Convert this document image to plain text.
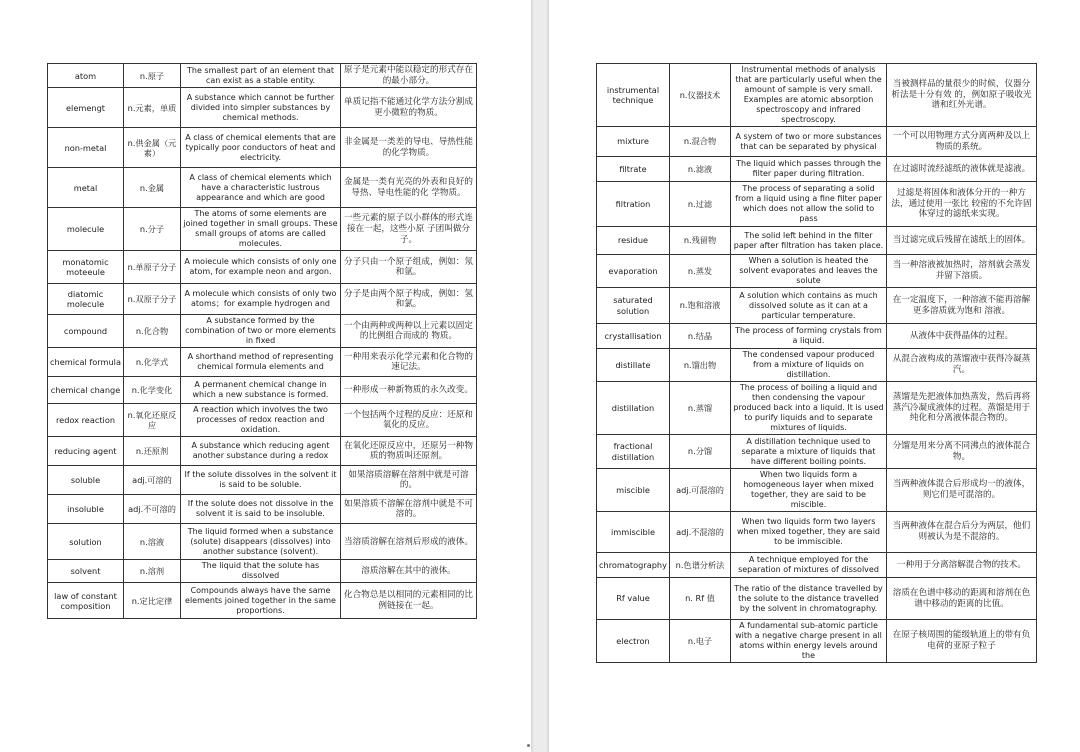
atom	n.原子	The smallest part of an element that can exist as a stable entity.	原子是元素中能以稳定的形式存在的最小部分。
elemengt	n.元素，单质	A substance which cannot be further divided into simpler substances by chemical methods.	单质记指不能通过化学方法分割成更小微粒的物质。
non-metal	n.供金属（元素）	A class of chemical elements that are typically poor conductors of heat and electricity.	非金属是一类差的导电、导热性能的化学物质。
metal	n.金属	A class of chemical elements which have a characteristic lustrous appearance and which are good	金属是一类有光亮的外表和良好的导热、导电性能的化 学物质。
molecule	n.分子	The atoms of some elements are joined together in small groups. These small groups of atoms are called molecules.	一些元素的原子以小群体的形式连接在一起，这些小原 子团叫做分子。
monatomic moteeule	n.单原子分子	A moiecule which consists of only one atom, for example neon and argon.	分子只由一个原子组成，例如：氖和氩。
diatomic molecule	n.双原子分子	A molecule which consists of only two atoms；for example hydrogen and	分子是由两个原子构成，例如：氢和氯。
compound	n.化合物	A substance formed by the combination of two or more elements in fixed	一个由两种或两种以上元素以固定的比例组合而成的 物质。
chemical formula	n.化学式	A shorthand method of representing chemical formula elements and	一种用来表示化学元素和化合物的速记法。
chemical change	n.化学变化	A permanent chemical change in which a new substance is formed.	一种形成一种新物质的永久改变。
redox reaction	n.氧化还原反应	A reaction which involves the two processes of redox reaction and oxidation.	一个包括两个过程的反应：还原和氧化的反应。
reducing agent	n.还原剂	A substance which reducing agent another substance during a redox	在氧化还原反应中，还原另一种物质的物质叫还原剂。
soluble	adj.可溶的	If the solute dissolves in the solvent it is said to be soluble.	如果溶质溶解在溶剂中就是可溶的。
insoluble	adj.不可溶的	If the solute does not dissolve in the solvent it is said to be insoluble.	如果溶质不溶解在溶剂中就是不可溶的。
solution	n.溶液	The liquid formed when a substance (solute) disappears (dissolves) into another substance (solvent).	当溶质溶解在溶剂后形成的液体。
solvent	n.溶剂	The liquid that the solute has dissolved	溶质溶解在其中的液体。
law of constant composition	n.定比定律	Compounds always have the same elements joined together in the same proportions.	化合物总是以相同的元素相同的比例链接在一起。
instrumental technique	n.仪器技术	Instrumental methods of analysis that are particularly useful when the amount of sample is very small. Examples are atomic absorption spectroscopy and infrared spectroscopy.	当被测样品的量很少的时候，仪器分析法是十分有效 的，例如原子吸收光谱和红外光谱。
mixture	n.混合物	A system of two or more substances that can be separated by physical	一个可以用物理方式分离两种及以上物质的系统。
filtrate	n.滤液	The liquid which passes through the filter paper during filtration.	在过滤时流经滤纸的液体就是滤液。
filtration	n.过滤	The process of separating a solid from a liquid using a fine filter paper which does not allow the solid to pass	过滤是将固体和液体分开的一种方法，通过使用一张比 较密的不允许固体穿过的滤纸来实现。
residue	n.残留物	The solid left behind in the filter paper after filtration has taken place.	当过滤完成后残留在滤纸上的固体。
evaporation	n.蒸发	When a solution is heated the solvent evaporates and leaves the solute	当一种溶液被加热时，溶剂就会蒸发并留下溶质。
saturated solution	n.饱和溶液	A solution which contains as much dissolved solute as it can at a particular temperature.	在一定温度下，一种溶液不能再溶解更多溶质就为饱和 溶液。
crystallisation	n.结晶	The process of forming crystals from a liquid.	从液体中获得晶体的过程。
distillate	n.馏出物	The condensed vapour produced from a mixture of liquids on distillation.	从混合液构成的蒸馏液中获得冷凝蒸汽。
distillation	n.蒸馏	The process of boiling a liquid and then condensing the vapour produced back into a liquid. It is used to purify liquids and to separate mixtures of liquids.	蒸馏是先把液体加热蒸发，然后再将蒸汽冷凝成液体的过程。蒸馏是用于纯化和分离液体混合物的。
fractional distillation	n.分馏	A distillation technique used to separate a mixture of liquids that have different boiling points.	分馏是用来分离不同沸点的液体混合物。
miscible	adj.可混溶的	When two liquids form a homogeneous layer when mixed together, they are said to be miscible.	当两种液体混合后形成均一的液体，则它们是可混溶的。
immiscible	adj.不混溶的	When two liquids form two layers when mixed together, they are said to be immiscible.	当两种液体在混合后分为两层，他们则被认为是不混溶的。
chromatography	n.色谱分析法	A technique employed for the separation of mixtures of dissolved	一种用于分离溶解混合物的技术。
Rf value	n. Rf 值	The ratio of the distance travelled by the solute to the distance travelled by the solvent in chromatography.	溶质在色谱中移动的距离和溶剂在色谱中移动的距离的比值。
electron	n.电子	A fundamental sub-atomic particle with a negative charge present in all atoms within energy levels around the	在原子核周围的能级轨道上的带有负电荷的亚原子粒子
